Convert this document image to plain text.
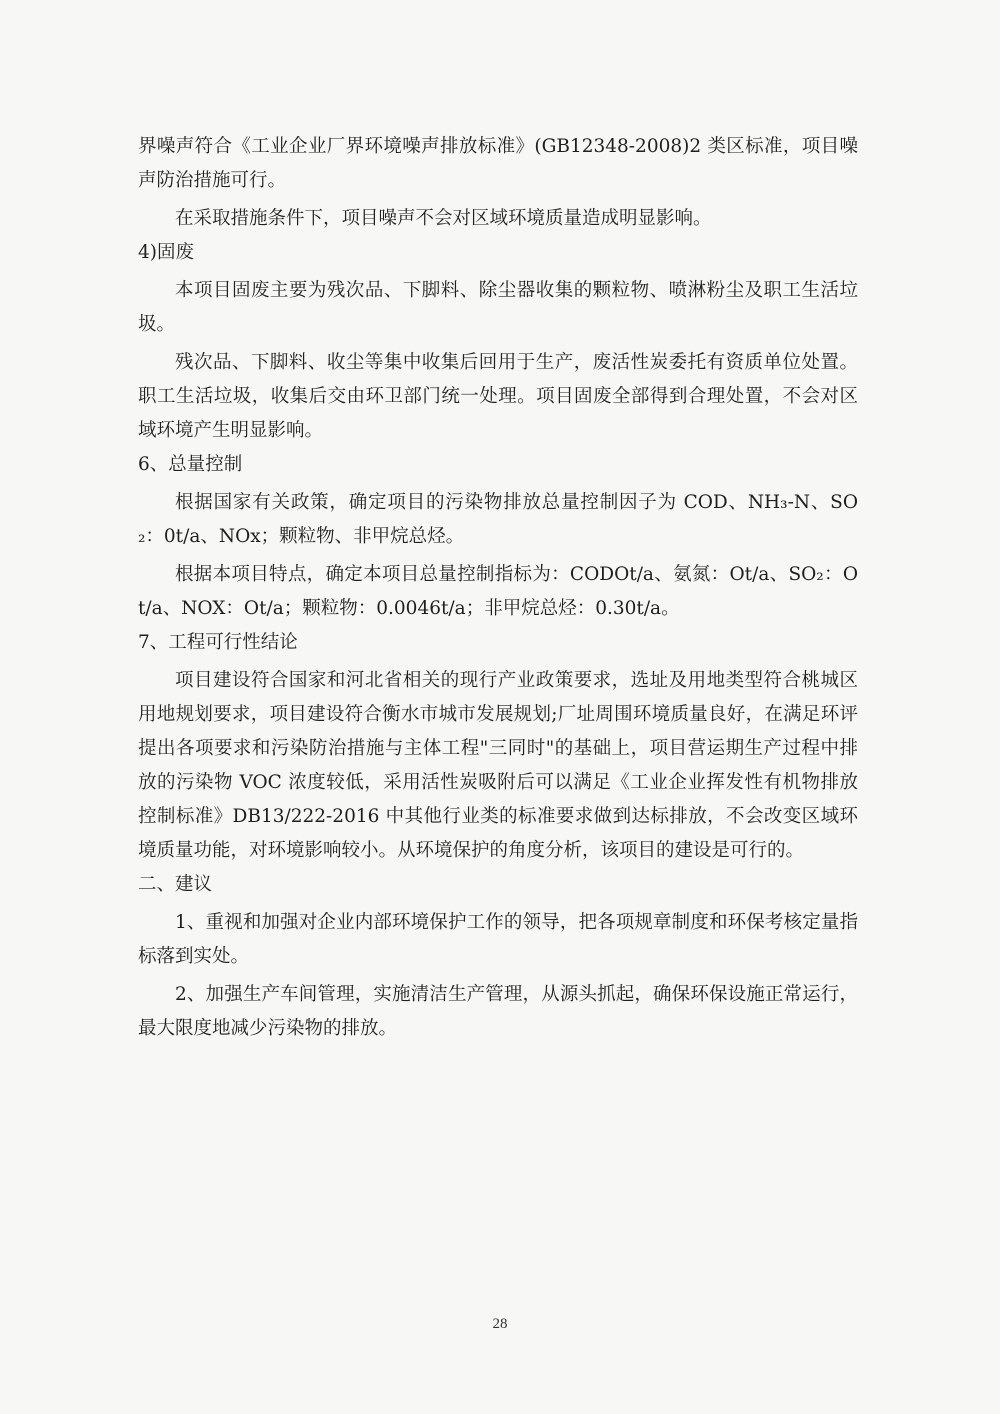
界噪声符合《工业企业厂界环境噪声排放标准》(GB12348-2008)2 类区标准，项目噪声防治措施可行。

在采取措施条件下，项目噪声不会对区域环境质量造成明显影响。

4)固废

本项目固废主要为残次品、下脚料、除尘器收集的颗粒物、喷淋粉尘及职工生活垃圾。

残次品、下脚料、收尘等集中收集后回用于生产，废活性炭委托有资质单位处置。职工生活垃圾，收集后交由环卫部门统一处理。项目固废全部得到合理处置，不会对区域环境产生明显影响。

6、总量控制

根据国家有关政策，确定项目的污染物排放总量控制因子为 COD、NH₃-N、SO₂：0t/a、NOx；颗粒物、非甲烷总烃。

根据本项目特点，确定本项目总量控制指标为：CODOt/a、氨氮：Ot/a、SO₂：Ot/a、NOX：Ot/a；颗粒物：0.0046t/a；非甲烷总烃：0.30t/a。

7、工程可行性结论

项目建设符合国家和河北省相关的现行产业政策要求，选址及用地类型符合桃城区用地规划要求，项目建设符合衡水市城市发展规划;厂址周围环境质量良好，在满足环评提出各项要求和污染防治措施与主体工程"三同时"的基础上，项目营运期生产过程中排放的污染物 VOC 浓度较低，采用活性炭吸附后可以满足《工业企业挥发性有机物排放控制标准》DB13/222-2016 中其他行业类的标准要求做到达标排放，不会改变区域环境质量功能，对环境影响较小。从环境保护的角度分析，该项目的建设是可行的。

二、建议

1、重视和加强对企业内部环境保护工作的领导，把各项规章制度和环保考核定量指标落到实处。

2、加强生产车间管理，实施清洁生产管理，从源头抓起，确保环保设施正常运行，最大限度地减少污染物的排放。

28
